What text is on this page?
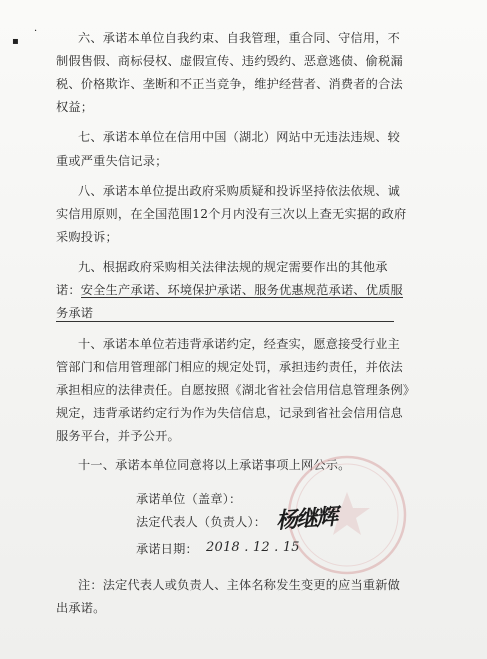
▪
·	六、承诺本单位自我约束、自我管理，重合同、守信用，不
制假售假、商标侵权、虚假宣传、违约毁约、恶意逃债、偷税漏
税、价格欺诈、垄断和不正当竞争，维护经营者、消费者的合法
权益；
七、承诺本单位在信用中国（湖北）网站中无违法违规、较
重或严重失信记录；
八、承诺本单位提出政府采购质疑和投诉坚持依法依规、诚
实信用原则，在全国范围12个月内没有三次以上查无实据的政府
采购投诉；
九、根据政府采购相关法律法规的规定需要作出的其他承
诺：安全生产承诺、环境保护承诺、服务优惠规范承诺、优质服
务承诺
十、承诺本单位若违背承诺约定，经查实，愿意接受行业主
管部门和信用管理部门相应的规定处罚，承担违约责任，并依法
承担相应的法律责任。自愿按照《湖北省社会信用信息管理条例》
规定，违背承诺约定行为作为失信信息，记录到省社会信用信息
服务平台，并予公开。
十一、承诺本单位同意将以上承诺事项上网公示。
承诺单位（盖章）：
法定代表人（负责人）： 杨继辉
承诺日期： 2018 . 12 . 15
注：法定代表人或负责人、主体名称发生变更的应当重新做
出承诺。
